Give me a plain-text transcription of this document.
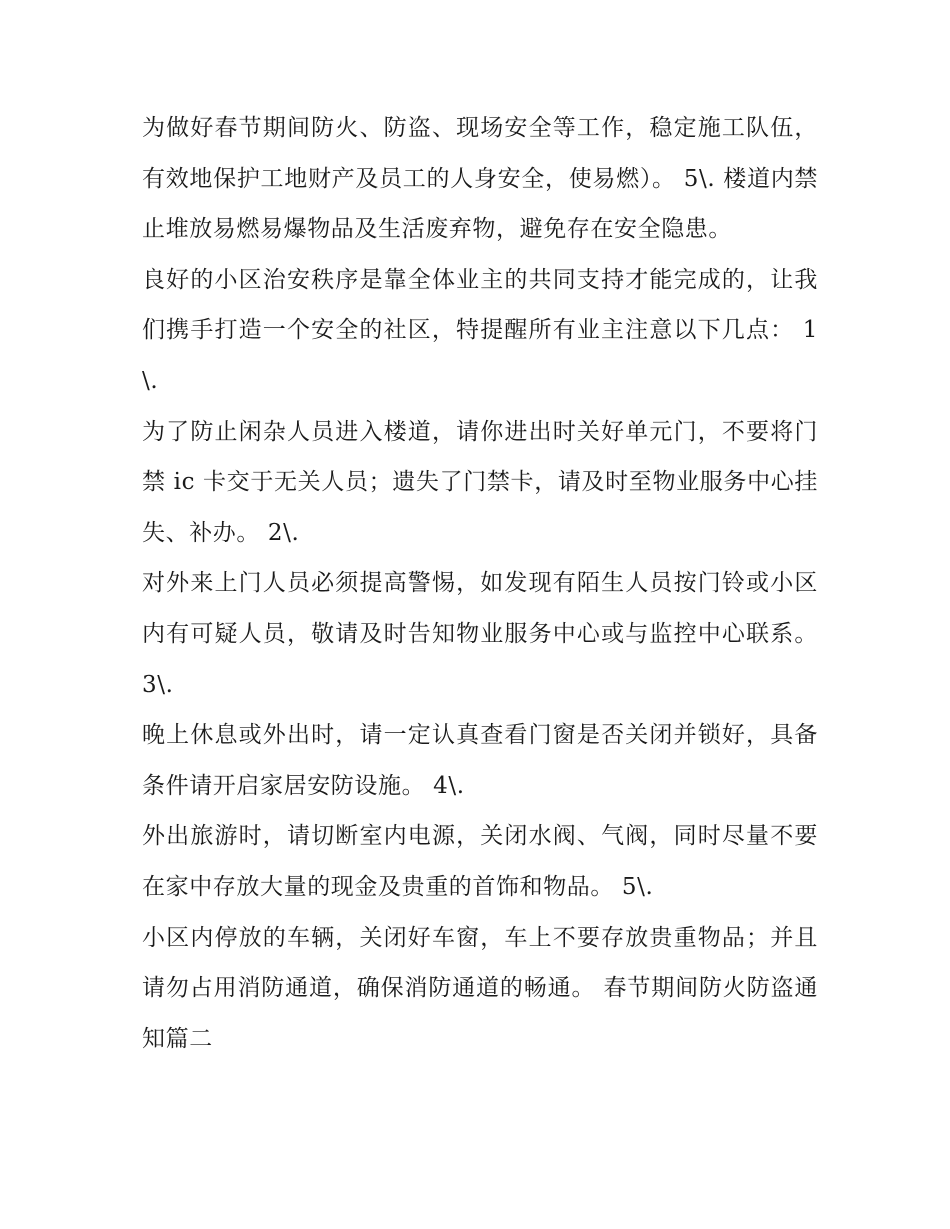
为做好春节期间防火、防盗、现场安全等工作，稳定施工队伍，有效地保护工地财产及员工的人身安全，使易燃）。 5\. 楼道内禁止堆放易燃易爆物品及生活废弃物，避免存在安全隐患。

良好的小区治安秩序是靠全体业主的共同支持才能完成的，让我们携手打造一个安全的社区，特提醒所有业主注意以下几点： 1\.

为了防止闲杂人员进入楼道，请你进出时关好单元门，不要将门禁 ic 卡交于无关人员；遗失了门禁卡，请及时至物业服务中心挂失、补办。 2\.

对外来上门人员必须提高警惕，如发现有陌生人员按门铃或小区内有可疑人员，敬请及时告知物业服务中心或与监控中心联系。 3\.

晚上休息或外出时，请一定认真查看门窗是否关闭并锁好，具备条件请开启家居安防设施。 4\.

外出旅游时，请切断室内电源，关闭水阀、气阀，同时尽量不要在家中存放大量的现金及贵重的首饰和物品。 5\.

小区内停放的车辆，关闭好车窗，车上不要存放贵重物品；并且请勿占用消防通道，确保消防通道的畅通。 春节期间防火防盗通知篇二
